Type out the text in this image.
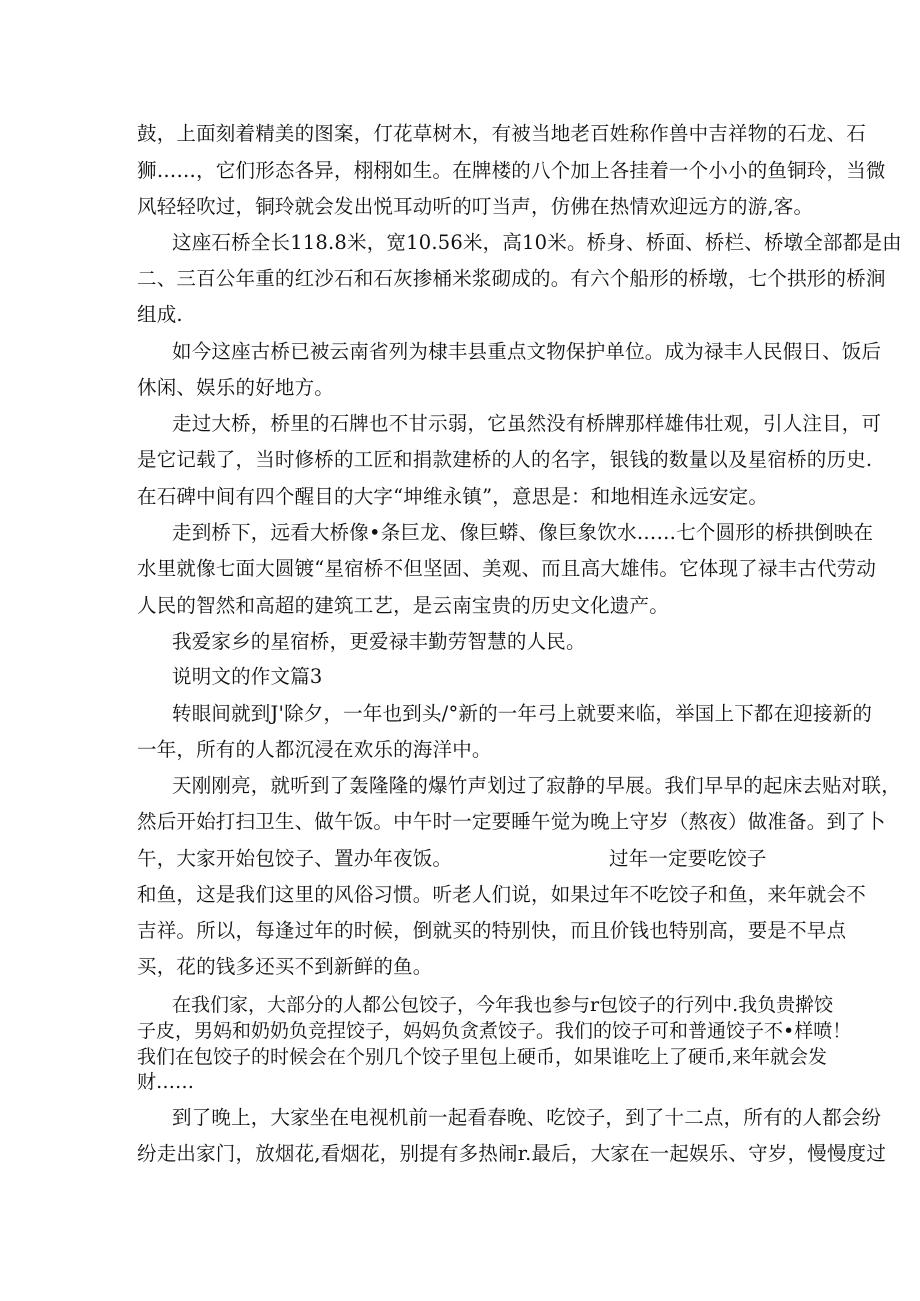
鼓，上面刻着精美的图案，仃花草树木，有被当地老百姓称作兽中吉祥物的石龙、石
狮……，它们形态各异，栩栩如生。在牌楼的八个加上各挂着一个小小的鱼铜玲，当微
风轻轻吹过，铜玲就会发出悦耳动听的叮当声，仿佛在热情欢迎远方的游,客。
这座石桥全长118.8米，宽10.56米，高10米。桥身、桥面、桥栏、桥墩全部都是由
二、三百公年重的红沙石和石灰掺桶米浆砌成的。有六个船形的桥墩，七个拱形的桥涧
组成.
如今这座古桥已被云南省列为棣丰县重点文物保护单位。成为禄丰人民假日、饭后
休闲、娱乐的好地方。
走过大桥，桥里的石牌也不甘示弱，它虽然没有桥牌那样雄伟壮观，引人注目，可
是它记载了，当时修桥的工匠和捐款建桥的人的名字，银钱的数量以及星宿桥的历史.
在石碑中间有四个醒目的大字“坤维永镇”，意思是：和地相连永远安定。
走到桥下，远看大桥像•条巨龙、像巨蟒、像巨象饮水……七个圆形的桥拱倒映在
水里就像七面大圆镀“星宿桥不但坚固、美观、而且高大雄伟。它体现了禄丰古代劳动
人民的智然和高超的建筑工艺，是云南宝贵的历史文化遗产。
我爱家乡的星宿桥，更爱禄丰勤劳智慧的人民。
说明文的作文篇3
转眼间就到J'除夕，一年也到头/°新的一年弓上就要来临，举国上下都在迎接新的
一年，所有的人都沉浸在欢乐的海洋中。
天刚刚亮，就听到了轰隆隆的爆竹声划过了寂静的早展。我们早早的起床去贴对联，
然后开始打扫卫生、做午饭。中午时一定要睡午觉为晚上守岁（熬夜）做准备。到了卜
午，大家开始包饺子、置办年夜饭。	过年一定要吃饺子
和鱼，这是我们这里的风俗习惯。听老人们说，如果过年不吃饺子和鱼，来年就会不
吉祥。所以，每逢过年的时候，倒就买的特别快，而且价钱也特别高，要是不早点
买，花的钱多还买不到新鲜的鱼。
在我们家，大部分的人都公包饺子，今年我也参与r包饺子的行列中.我负贵擀饺
子皮，男妈和奶奶负竞捏饺子，妈妈负贪煮饺子。我们的饺子可和普通饺子不•样喷！
我们在包饺子的时候会在个别几个饺子里包上硬币，如果谁吃上了硬币,来年就会发
财……
到了晚上，大家坐在电视机前一起看春晚、吃饺子，到了十二点，所有的人都会纷
纷走出家门，放烟花,看烟花，别提有多热闹r.最后，大家在一起娱乐、守岁，慢慢度过
